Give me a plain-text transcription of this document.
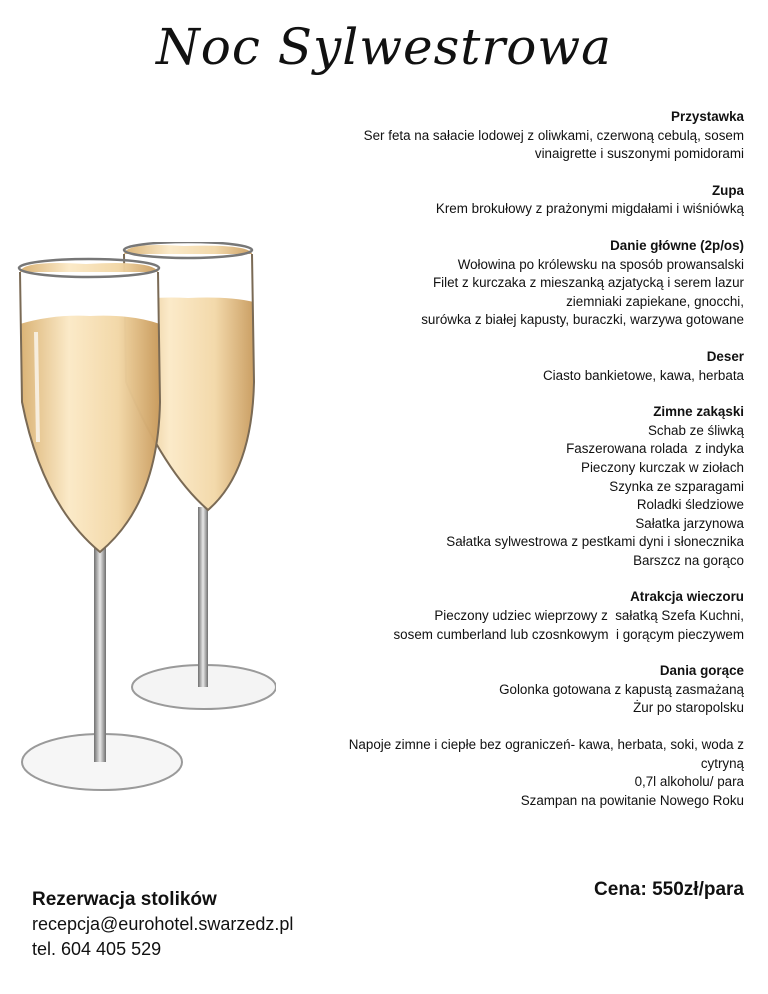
Noc Sylwestrowa
Przystawka
Ser feta na sałacie lodowej z oliwkami, czerwoną cebulą, sosem
vinaigrette i suszonymi pomidorami
Zupa
Krem brokułowy z prażonymi migdałami i wiśniówką
Danie główne (2p/os)
Wołowina po królewsku na sposób prowansalski
Filet z kurczaka z mieszanką azjatycką i serem lazur
ziemniaki zapiekane, gnocchi,
surówka z białej kapusty, buraczki, warzywa gotowane
Deser
Ciasto bankietowe, kawa, herbata
Zimne zakąski
Schab ze śliwką
Faszerowana rolada  z indyka
Pieczony kurczak w ziołach
Szynka ze szparagami
Roladki śledziowe
Sałatka jarzynowa
Sałatka sylwestrowa z pestkami dyni i słonecznika
Barszcz na gorąco
Atrakcja wieczoru
Pieczony udziec wieprzowy z  sałatką Szefa Kuchni,
sosem cumberland lub czosnkowym  i gorącym pieczywem
Dania gorące
Golonka gotowana z kapustą zasmażaną
Żur po staropolsku
Napoje zimne i ciepłe bez ograniczeń- kawa, herbata, soki, woda z
cytryną
0,7l alkoholu/ para
Szampan na powitanie Nowego Roku
Cena: 550zł/para
Rezerwacja stolików
recepcja@eurohotel.swarzedz.pl
tel. 604 405 529
